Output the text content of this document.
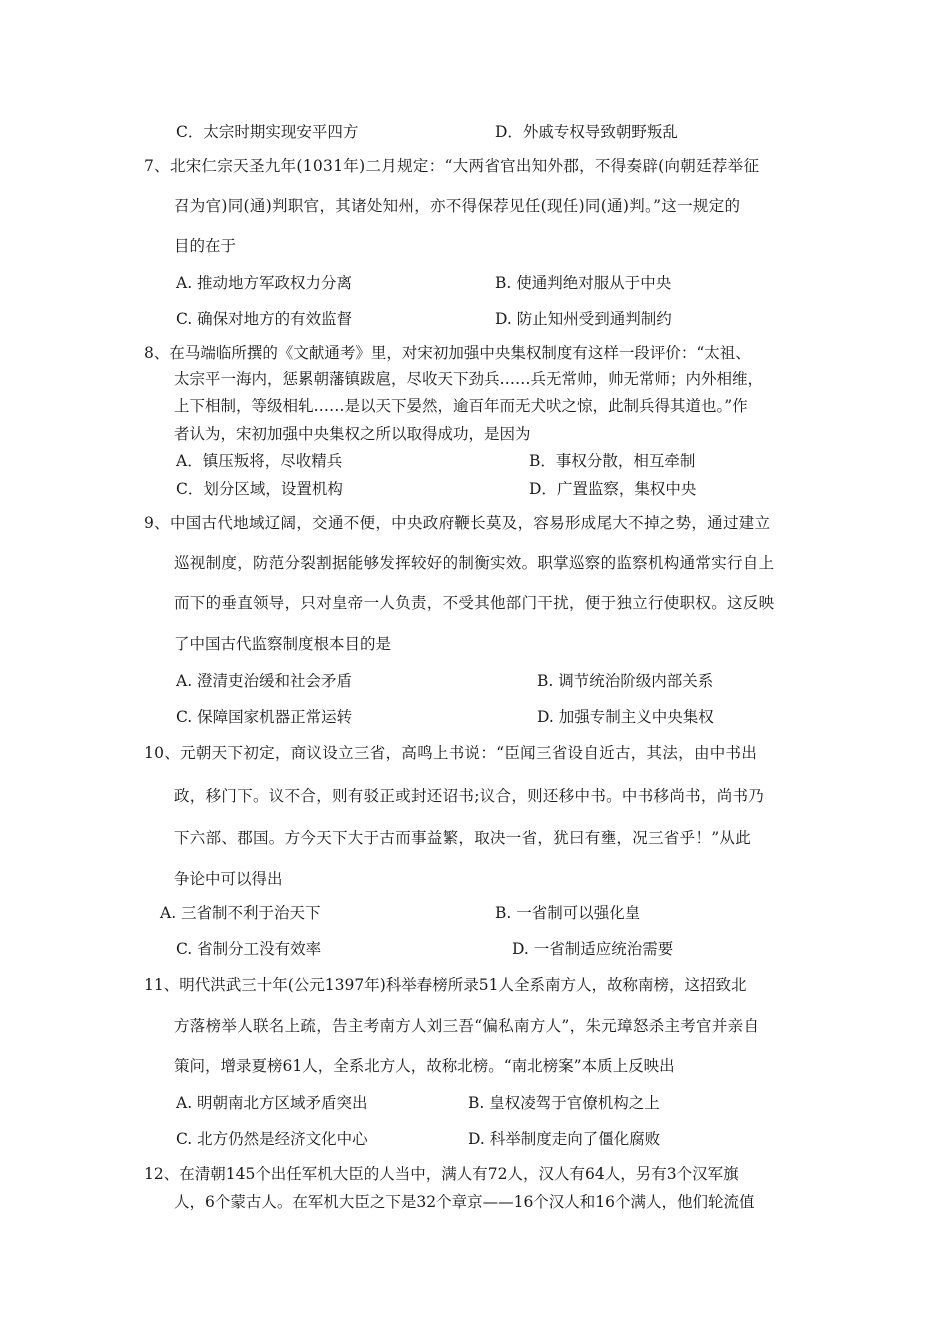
C．太宗时期实现安平四方	D．外戚专权导致朝野叛乱
7、北宋仁宗天圣九年(1031年)二月规定：“大两省官出知外郡，不得奏辟(向朝廷荐举征
召为官)同(通)判职官，其诸处知州，亦不得保荐见任(现任)同(通)判。”这一规定的
目的在于
A. 推动地方军政权力分离	B. 使通判绝对服从于中央
C. 确保对地方的有效监督	D. 防止知州受到通判制约
8、在马端临所撰的《文献通考》里，对宋初加强中央集权制度有这样一段评价：“太祖、
太宗平一海内，惩累朝藩镇跋扈，尽收天下劲兵……兵无常帅，帅无常师；内外相维，
上下相制，等级相轧……是以天下晏然，逾百年而无犬吠之惊，此制兵得其道也。”作
者认为，宋初加强中央集权之所以取得成功，是因为
A．镇压叛将，尽收精兵	B．事权分散，相互牵制
C．划分区域，设置机构	D．广置监察，集权中央
9、中国古代地域辽阔，交通不便，中央政府鞭长莫及，容易形成尾大不掉之势，通过建立
巡视制度，防范分裂割据能够发挥较好的制衡实效。职掌巡察的监察机构通常实行自上
而下的垂直领导，只对皇帝一人负责，不受其他部门干扰，便于独立行使职权。这反映
了中国古代监察制度根本目的是
A. 澄清吏治缓和社会矛盾	B. 调节统治阶级内部关系
C. 保障国家机器正常运转	D. 加强专制主义中央集权
10、元朝天下初定，商议设立三省，高鸣上书说：“臣闻三省设自近古，其法，由中书出
政，移门下。议不合，则有驳正或封还诏书;议合，则还移中书。中书移尚书，尚书乃
下六部、郡国。方今天下大于古而事益繁，取决一省，犹曰有壅，况三省乎！”从此
争论中可以得出
A. 三省制不利于治天下	B. 一省制可以强化皇
C. 省制分工没有效率	D. 一省制适应统治需要
11、明代洪武三十年(公元1397年)科举春榜所录51人全系南方人，故称南榜，这招致北
方落榜举人联名上疏，告主考南方人刘三吾“偏私南方人”，朱元璋怒杀主考官并亲自
策问，增录夏榜61人，全系北方人，故称北榜。“南北榜案”本质上反映出
A. 明朝南北方区域矛盾突出	B. 皇权凌驾于官僚机构之上
C. 北方仍然是经济文化中心	D. 科举制度走向了僵化腐败
12、在清朝145个出任军机大臣的人当中，满人有72人，汉人有64人，另有3个汉军旗
人，6个蒙古人。在军机大臣之下是32个章京——16个汉人和16个满人，他们轮流值
